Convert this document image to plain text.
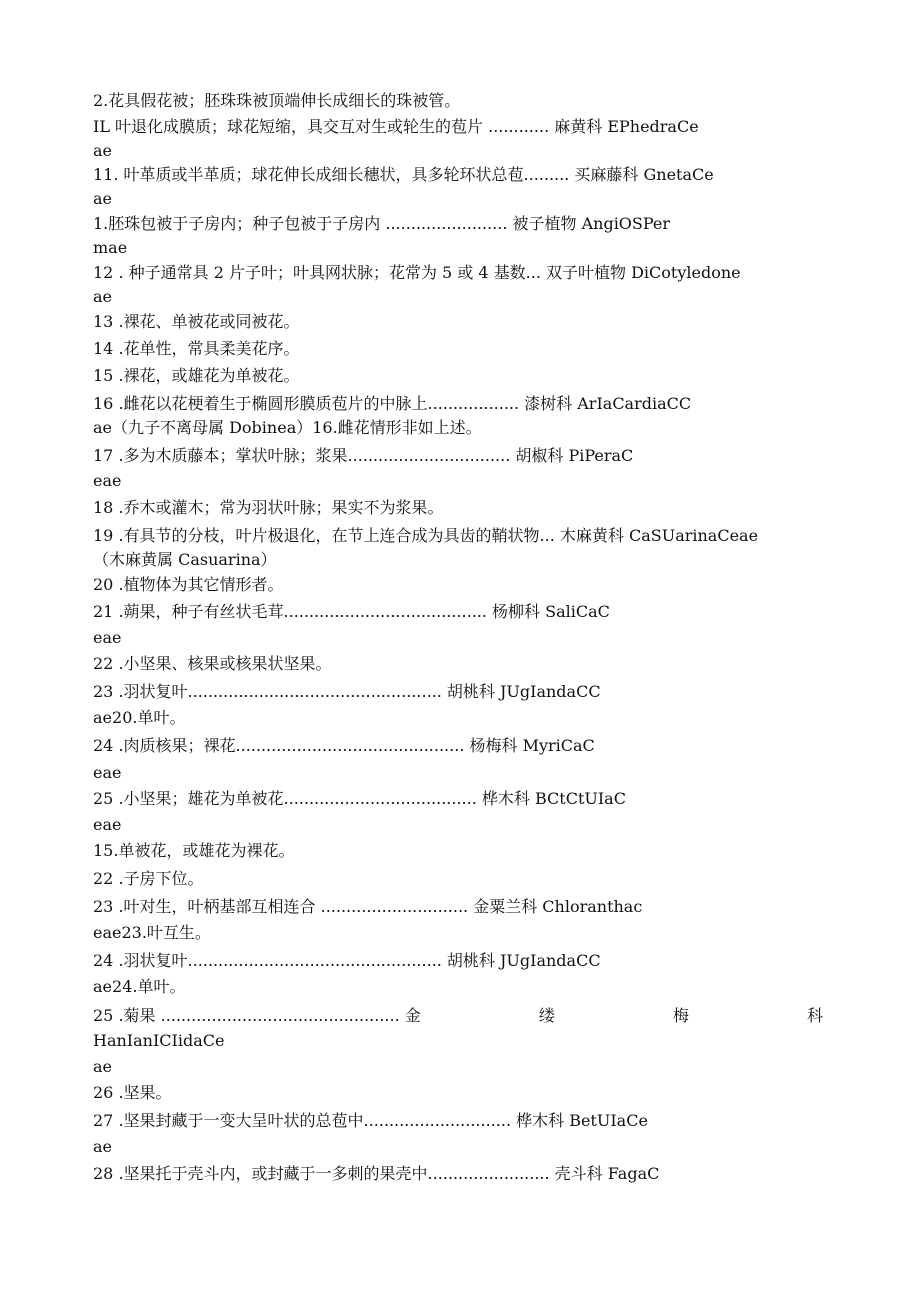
2.花具假花被；胚珠珠被顶端伸长成细长的珠被管。
IL 叶退化成膜质；球花短缩，具交互对生或轮生的苞片 ............ 麻黄科 EPhedraCe
ae
11. 叶革质或半革质；球花伸长成细长穗状，具多轮环状总苞......... 买麻藤科 GnetaCe
ae
1.胚珠包被于子房内；种子包被于子房内 ........................ 被子植物 AngiOSPer
mae
12 . 种子通常具 2 片子叶；叶具网状脉；花常为 5 或 4 基数... 双子叶植物 DiCotyledone
ae
13 .裸花、单被花或同被花。
14 .花单性，常具柔美花序。
15 .裸花，或雄花为单被花。
16 .雌花以花梗着生于椭圆形膜质苞片的中脉上.................. 漆树科 ArIaCardiaCC
ae（九子不离母属 Dobinea）16.雌花情形非如上述。
17 .多为木质藤本；掌状叶脉；浆果................................ 胡椒科 PiPeraC
eae
18 .乔木或灌木；常为羽状叶脉；果实不为浆果。
19 .有具节的分枝，叶片极退化，在节上连合成为具齿的鞘状物... 木麻黄科 CaSUarinaCeae
（木麻黄属 Casuarina）
20 .植物体为其它情形者。
21 .蒴果，种子有丝状毛茸........................................ 杨柳科 SaliCaC
eae
22 .小坚果、核果或核果状坚果。
23 .羽状复叶.................................................. 胡桃科 JUgIandaCC
ae20.单叶。
24 .肉质核果；裸花............................................. 杨梅科 MyriCaC
eae
25 .小坚果；雄花为单被花...................................... 桦木科 BCtCtUIaC
eae
15.单被花，或雄花为裸花。
22 .子房下位。
23 .叶对生，叶柄基部互相连合 ............................. 金粟兰科 Chloranthac
eae23.叶互生。
24 .羽状复叶.................................................. 胡桃科 JUgIandaCC
ae24.单叶。
25 .菊果 ............................................... 金	缕	梅	科
HanIanICIidaCe
ae
26 .坚果。
27 .坚果封藏于一变大呈叶状的总苞中............................. 桦木科 BetUIaCe
ae
28 .坚果托于壳斗内，或封藏于一多刺的果壳中........................ 壳斗科 FagaC
